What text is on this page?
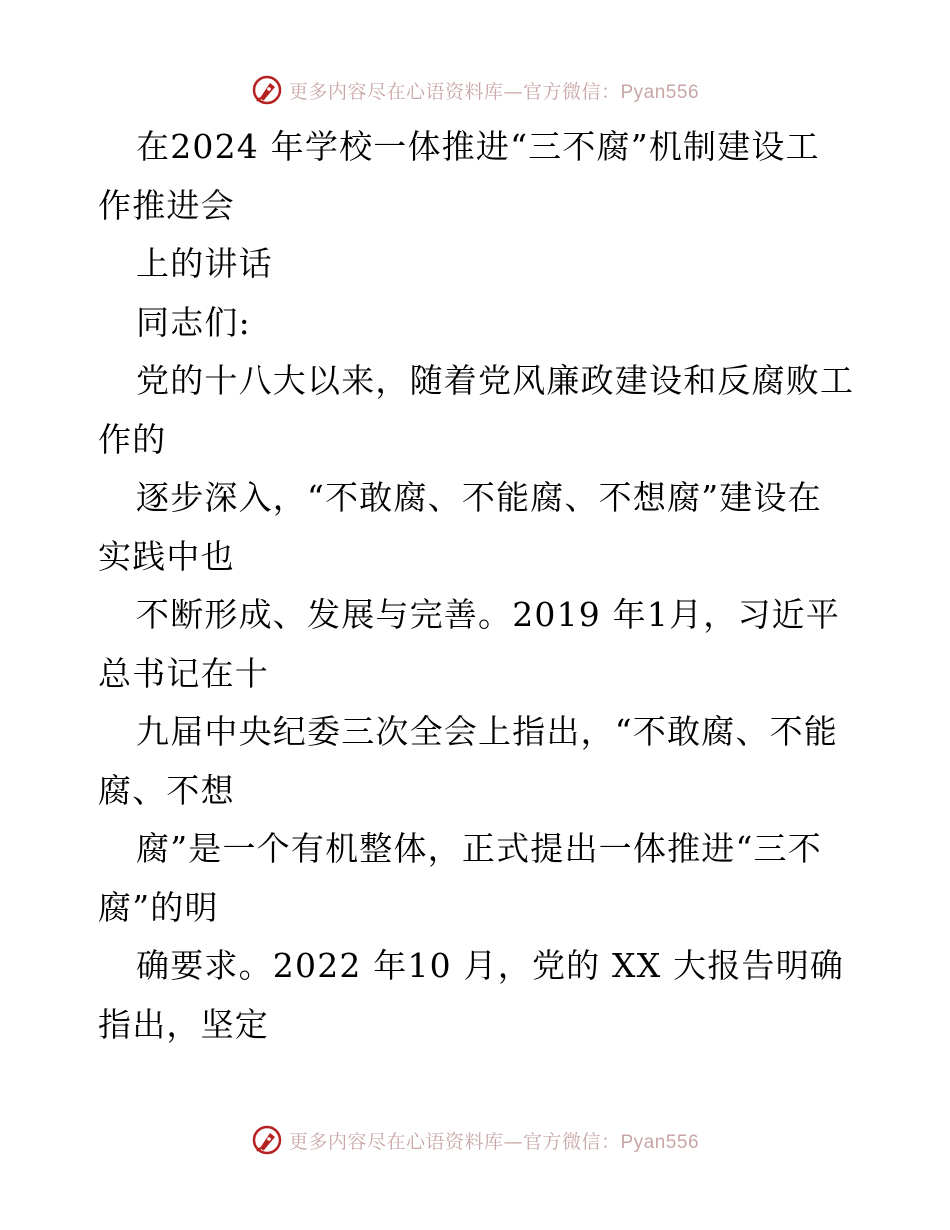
更多内容尽在心语资料库—官方微信：Pyan556
在2024 年学校一体推进“三不腐”机制建设工
作推进会
上的讲话
同志们:
党的十八大以来，随着党风廉政建设和反腐败工
作的
逐步深入，“不敢腐、不能腐、不想腐”建设在
实践中也
不断形成、发展与完善。2019 年1月，习近平
总书记在十
九届中央纪委三次全会上指出，“不敢腐、不能
腐、不想
腐”是一个有机整体，正式提出一体推进“三不
腐”的明
确要求。2022 年10 月，党的 XX 大报告明确
指出，坚定
更多内容尽在心语资料库—官方微信：Pyan556
